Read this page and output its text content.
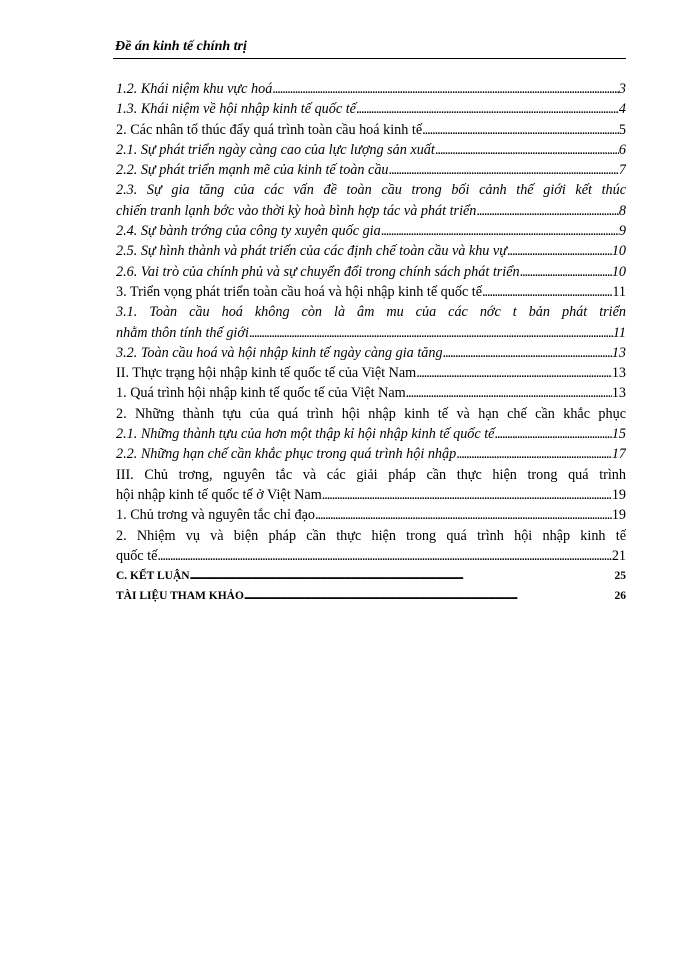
Đề án kinh tế chính trị
1.2. Khái niệm khu vực hoá . . .	3
1.3. Khái niệm về hội nhập kinh tế quốc tế . . .	4
2. Các nhân tố thúc đẩy quá trình toàn cầu hoá kinh tế . . .	5
2.1. Sự phát triển ngày càng cao của lực lượng sản xuất . . .	6
2.2. Sự phát triển mạnh mẽ của kinh tế toàn cầu . . .	7
2.3. Sự gia tăng của các vấn đề toàn cầu trong bối cảnh thế giới kết thúc
chiến tranh lạnh bớc vào thời kỳ hoà bình hợp tác và phát triển . . .	8
2.4. Sự bành trớng của công ty xuyên quốc gia . . .	9
2.5. Sự hình thành và phát triển của các định chế toàn cầu và khu vự . . .	10
2.6. Vai trò của chính phủ và sự chuyển đổi trong chính sách phát triển . . .	10
3. Triển vọng phát triển toàn cầu hoá và hội nhập kinh tế quốc tế . . .	11
3.1. Toàn cầu hoá không còn là âm mu của các nớc t bản phát triển
nhằm thôn tính thế giới . . .	11
3.2. Toàn cầu hoá và hội nhập kinh tế ngày càng gia tăng . . .	13
II. Thực trạng hội nhập kinh tế quốc tế của Việt Nam . . .	13
1. Quá trình hội nhập kinh tế quốc tế của Việt Nam . . .	13
2. Những thành tựu của quá trình hội nhập kinh tế và hạn chế cần khắc phục
2.1. Những thành tựu của hơn một thập kỉ hội nhập kinh tế quốc tế . . .	15
2.2. Những hạn chế cần khắc phục trong quá trình hội nhập . . .	17
III. Chủ trơng, nguyên tắc và các giải pháp cần thực hiện trong quá trình
hội nhập kinh tế quốc tế ở Việt Nam . . .	19
1. Chủ trơng và nguyên tắc chỉ đạo . . .	19
2. Nhiệm vụ và biện pháp cần thực hiện trong quá trình hội nhập kinh tế
quốc tế . . .	21
C. KẾT LUẬN . . .	25
TÀI LIỆU THAM KHẢO . . .	26
